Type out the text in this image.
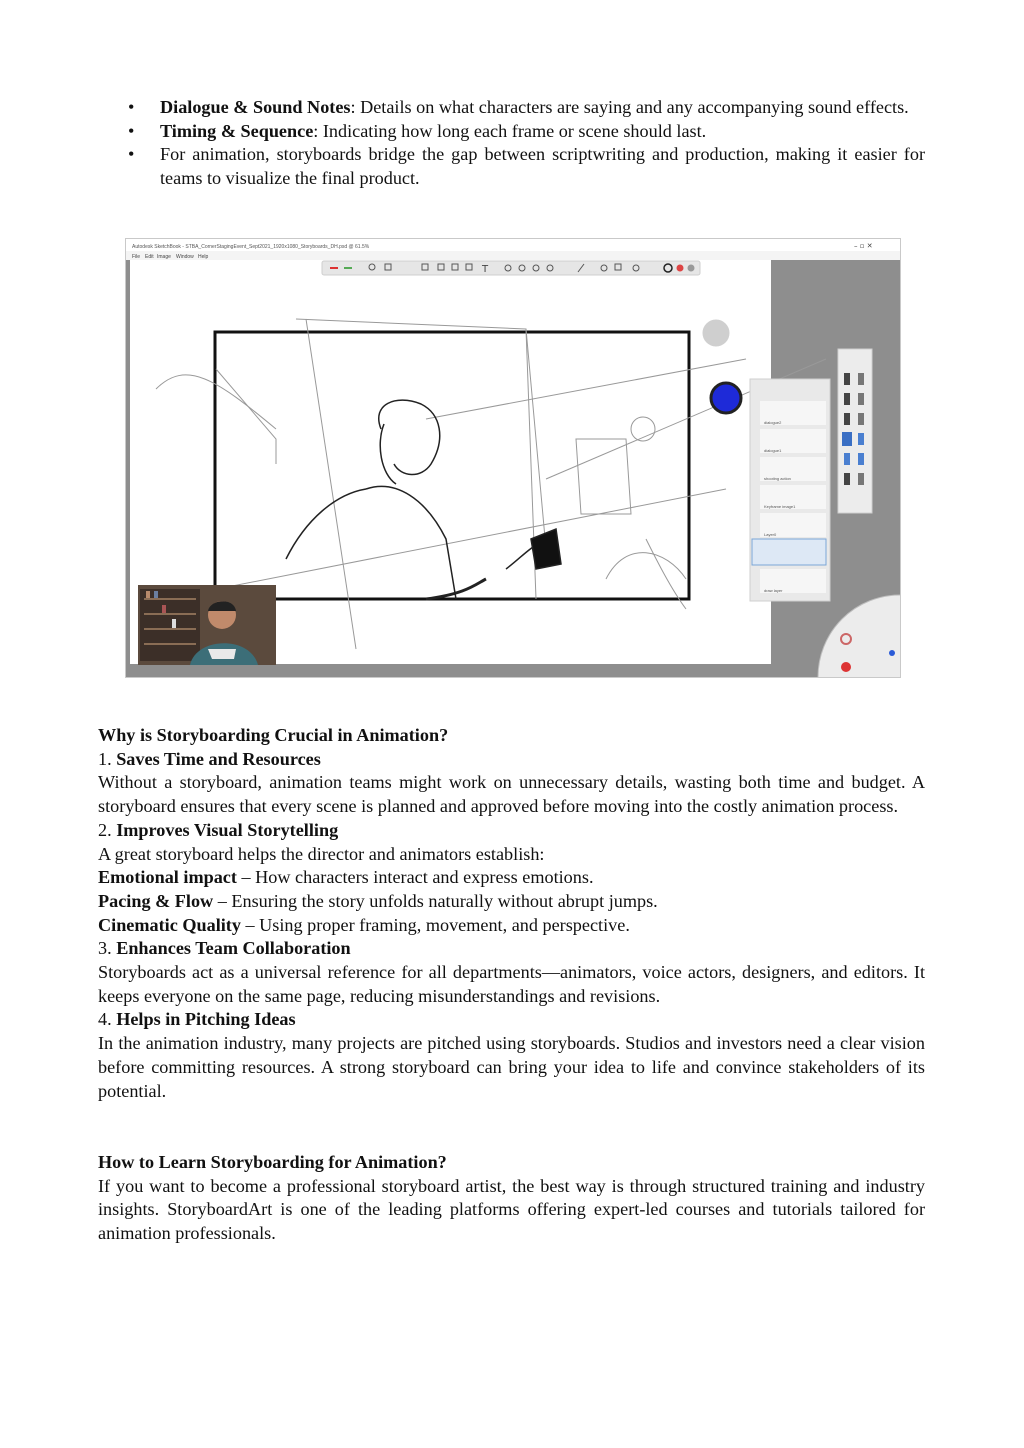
• Dialogue & Sound Notes: Details on what characters are saying and any accompanying sound effects.
• Timing & Sequence: Indicating how long each frame or scene should last.
• For animation, storyboards bridge the gap between scriptwriting and production, making it easier for teams to visualize the final product.
Autodesk SketchBook - STBA_CornerStagingEvent_Sept2021_1920x1080_Storyboards_DH.psd @ 61.5%	– ▫ ✕
File Edit Image Window Help
T
dialogue2
dialogue1
shooting action
Keyframe image1
Layer0
draw layer

Why is Storyboarding Crucial in Animation?

1. Saves Time and Resources

Without a storyboard, animation teams might work on unnecessary details, wasting both time and budget. A storyboard ensures that every scene is planned and approved before moving into the costly animation process.

2. Improves Visual Storytelling

A great storyboard helps the director and animators establish:

Emotional impact – How characters interact and express emotions.

Pacing & Flow – Ensuring the story unfolds naturally without abrupt jumps.

Cinematic Quality – Using proper framing, movement, and perspective.

3. Enhances Team Collaboration

Storyboards act as a universal reference for all departments—animators, voice actors, designers, and editors. It keeps everyone on the same page, reducing misunderstandings and revisions.

4. Helps in Pitching Ideas

In the animation industry, many projects are pitched using storyboards. Studios and investors need a clear vision before committing resources. A strong storyboard can bring your idea to life and convince stakeholders of its potential.

How to Learn Storyboarding for Animation?

If you want to become a professional storyboard artist, the best way is through structured training and industry insights. StoryboardArt is one of the leading platforms offering expert-led courses and tutorials tailored for animation professionals.
